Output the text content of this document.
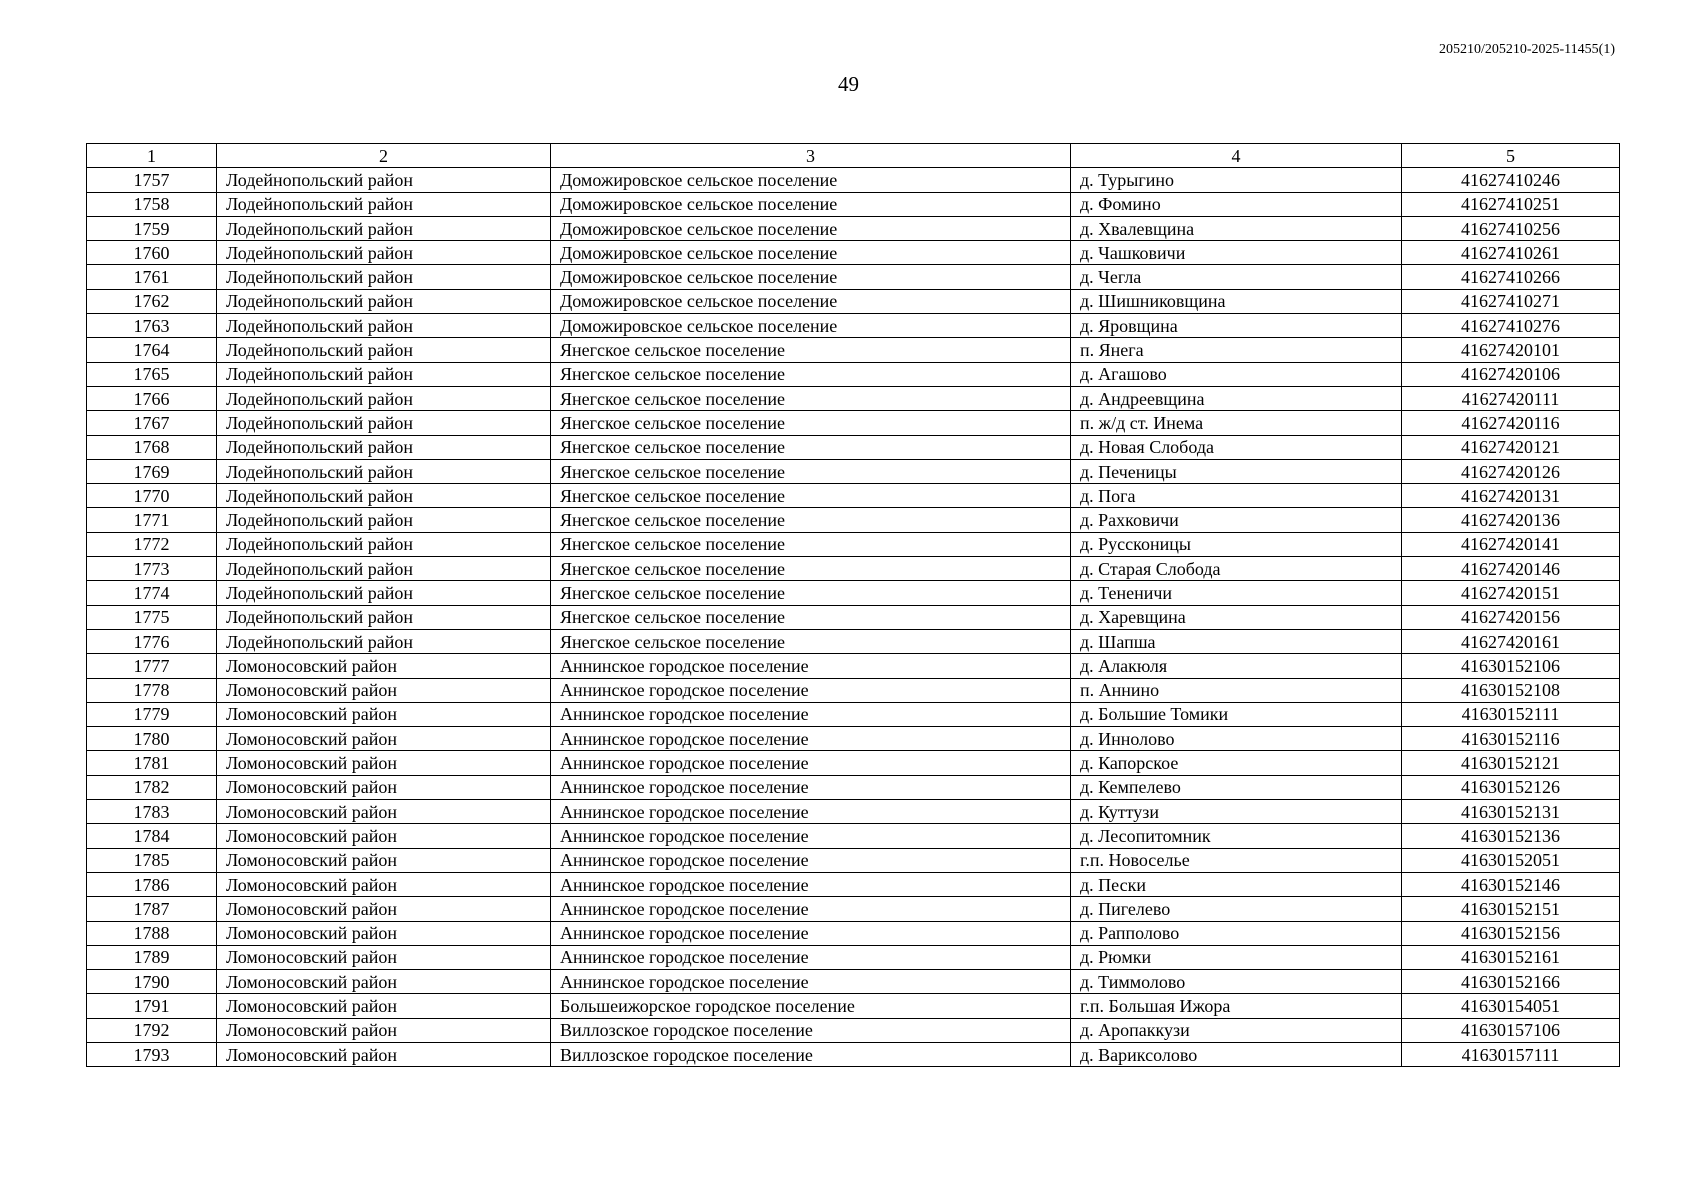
205210/205210-2025-11455(1)
49
1	2	3	4	5
1757	Лодейнопольский район	Доможировское сельское поселение	д. Турыгино	41627410246
1758	Лодейнопольский район	Доможировское сельское поселение	д. Фомино	41627410251
1759	Лодейнопольский район	Доможировское сельское поселение	д. Хвалевщина	41627410256
1760	Лодейнопольский район	Доможировское сельское поселение	д. Чашковичи	41627410261
1761	Лодейнопольский район	Доможировское сельское поселение	д. Чегла	41627410266
1762	Лодейнопольский район	Доможировское сельское поселение	д. Шишниковщина	41627410271
1763	Лодейнопольский район	Доможировское сельское поселение	д. Яровщина	41627410276
1764	Лодейнопольский район	Янегское сельское поселение	п. Янега	41627420101
1765	Лодейнопольский район	Янегское сельское поселение	д. Агашово	41627420106
1766	Лодейнопольский район	Янегское сельское поселение	д. Андреевщина	41627420111
1767	Лодейнопольский район	Янегское сельское поселение	п. ж/д ст. Инема	41627420116
1768	Лодейнопольский район	Янегское сельское поселение	д. Новая Слобода	41627420121
1769	Лодейнопольский район	Янегское сельское поселение	д. Печеницы	41627420126
1770	Лодейнопольский район	Янегское сельское поселение	д. Пога	41627420131
1771	Лодейнопольский район	Янегское сельское поселение	д. Рахковичи	41627420136
1772	Лодейнопольский район	Янегское сельское поселение	д. Руссконицы	41627420141
1773	Лодейнопольский район	Янегское сельское поселение	д. Старая Слобода	41627420146
1774	Лодейнопольский район	Янегское сельское поселение	д. Тененичи	41627420151
1775	Лодейнопольский район	Янегское сельское поселение	д. Харевщина	41627420156
1776	Лодейнопольский район	Янегское сельское поселение	д. Шапша	41627420161
1777	Ломоносовский район	Аннинское городское поселение	д. Алакюля	41630152106
1778	Ломоносовский район	Аннинское городское поселение	п. Аннино	41630152108
1779	Ломоносовский район	Аннинское городское поселение	д. Большие Томики	41630152111
1780	Ломоносовский район	Аннинское городское поселение	д. Иннолово	41630152116
1781	Ломоносовский район	Аннинское городское поселение	д. Капорское	41630152121
1782	Ломоносовский район	Аннинское городское поселение	д. Кемпелево	41630152126
1783	Ломоносовский район	Аннинское городское поселение	д. Куттузи	41630152131
1784	Ломоносовский район	Аннинское городское поселение	д. Лесопитомник	41630152136
1785	Ломоносовский район	Аннинское городское поселение	г.п. Новоселье	41630152051
1786	Ломоносовский район	Аннинское городское поселение	д. Пески	41630152146
1787	Ломоносовский район	Аннинское городское поселение	д. Пигелево	41630152151
1788	Ломоносовский район	Аннинское городское поселение	д. Рапполово	41630152156
1789	Ломоносовский район	Аннинское городское поселение	д. Рюмки	41630152161
1790	Ломоносовский район	Аннинское городское поселение	д. Тиммолово	41630152166
1791	Ломоносовский район	Большеижорское городское поселение	г.п. Большая Ижора	41630154051
1792	Ломоносовский район	Виллозское городское поселение	д. Аропаккузи	41630157106
1793	Ломоносовский район	Виллозское городское поселение	д. Вариксолово	41630157111
